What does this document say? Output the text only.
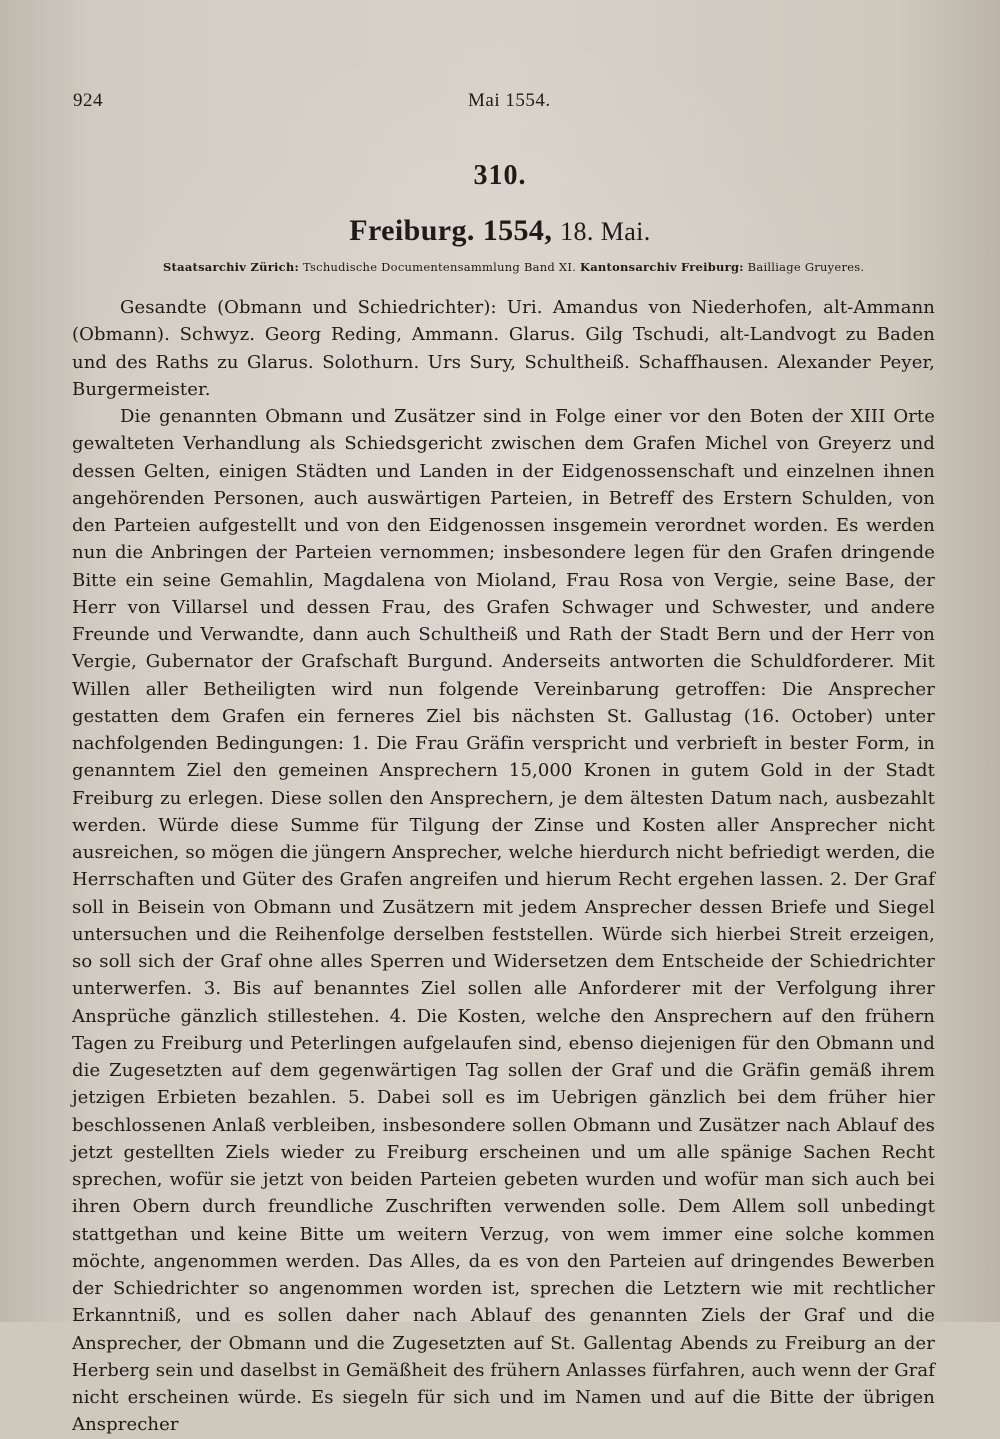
924	Mai 1554.
310.
Freiburg. 1554, 18. Mai.
Staatsarchiv Zürich: Tschudische Documentensammlung Band XI. Kantonsarchiv Freiburg: Bailliage Gruyeres.

Gesandte (Obmann und Schiedrichter): Uri. Amandus von Niederhofen, alt-Ammann (Obmann). Schwyz. Georg Reding, Ammann. Glarus. Gilg Tschudi, alt-Landvogt zu Baden und des Raths zu Glarus. Solothurn. Urs Sury, Schultheiß. Schaffhausen. Alexander Peyer, Burgermeister.

Die genannten Obmann und Zusätzer sind in Folge einer vor den Boten der XIII Orte gewalteten Verhandlung als Schiedsgericht zwischen dem Grafen Michel von Greyerz und dessen Gelten, einigen Städten und Landen in der Eidgenossenschaft und einzelnen ihnen angehörenden Personen, auch auswärtigen Parteien, in Betreff des Erstern Schulden, von den Parteien aufgestellt und von den Eidgenossen insgemein verordnet worden. Es werden nun die Anbringen der Parteien vernommen; insbesondere legen für den Grafen dringende Bitte ein seine Gemahlin, Magdalena von Mioland, Frau Rosa von Vergie, seine Base, der Herr von Villarsel und dessen Frau, des Grafen Schwager und Schwester, und andere Freunde und Verwandte, dann auch Schultheiß und Rath der Stadt Bern und der Herr von Vergie, Gubernator der Grafschaft Burgund. Anderseits antworten die Schuldforderer. Mit Willen aller Betheiligten wird nun folgende Vereinbarung getroffen: Die Ansprecher gestatten dem Grafen ein ferneres Ziel bis nächsten St. Gallustag (16. October) unter nachfolgenden Bedingungen: 1. Die Frau Gräfin verspricht und verbrieft in bester Form, in genanntem Ziel den gemeinen Ansprechern 15,000 Kronen in gutem Gold in der Stadt Freiburg zu erlegen. Diese sollen den Ansprechern, je dem ältesten Datum nach, ausbezahlt werden. Würde diese Summe für Tilgung der Zinse und Kosten aller Ansprecher nicht ausreichen, so mögen die jüngern Ansprecher, welche hierdurch nicht befriedigt werden, die Herrschaften und Güter des Grafen angreifen und hierum Recht ergehen lassen. 2. Der Graf soll in Beisein von Obmann und Zusätzern mit jedem Ansprecher dessen Briefe und Siegel untersuchen und die Reihenfolge derselben feststellen. Würde sich hierbei Streit erzeigen, so soll sich der Graf ohne alles Sperren und Widersetzen dem Entscheide der Schiedrichter unterwerfen. 3. Bis auf benanntes Ziel sollen alle Anforderer mit der Verfolgung ihrer Ansprüche gänzlich stillestehen. 4. Die Kosten, welche den Ansprechern auf den frühern Tagen zu Freiburg und Peterlingen aufgelaufen sind, ebenso diejenigen für den Obmann und die Zugesetzten auf dem gegenwärtigen Tag sollen der Graf und die Gräfin gemäß ihrem jetzigen Erbieten bezahlen. 5. Dabei soll es im Uebrigen gänzlich bei dem früher hier beschlossenen Anlaß verbleiben, insbesondere sollen Obmann und Zusätzer nach Ablauf des jetzt gestellten Ziels wieder zu Freiburg erscheinen und um alle spänige Sachen Recht sprechen, wofür sie jetzt von beiden Parteien gebeten wurden und wofür man sich auch bei ihren Obern durch freundliche Zuschriften verwenden solle. Dem Allem soll unbedingt stattgethan und keine Bitte um weitern Verzug, von wem immer eine solche kommen möchte, angenommen werden. Das Alles, da es von den Parteien auf dringendes Bewerben der Schiedrichter so angenommen worden ist, sprechen die Letztern wie mit rechtlicher Erkanntniß, und es sollen daher nach Ablauf des genannten Ziels der Graf und die Ansprecher, der Obmann und die Zugesetzten auf St. Gallentag Abends zu Freiburg an der Herberg sein und daselbst in Gemäßheit des frühern Anlasses fürfahren, auch wenn der Graf nicht erscheinen würde. Es siegeln für sich und im Namen und auf die Bitte der übrigen Ansprecher
